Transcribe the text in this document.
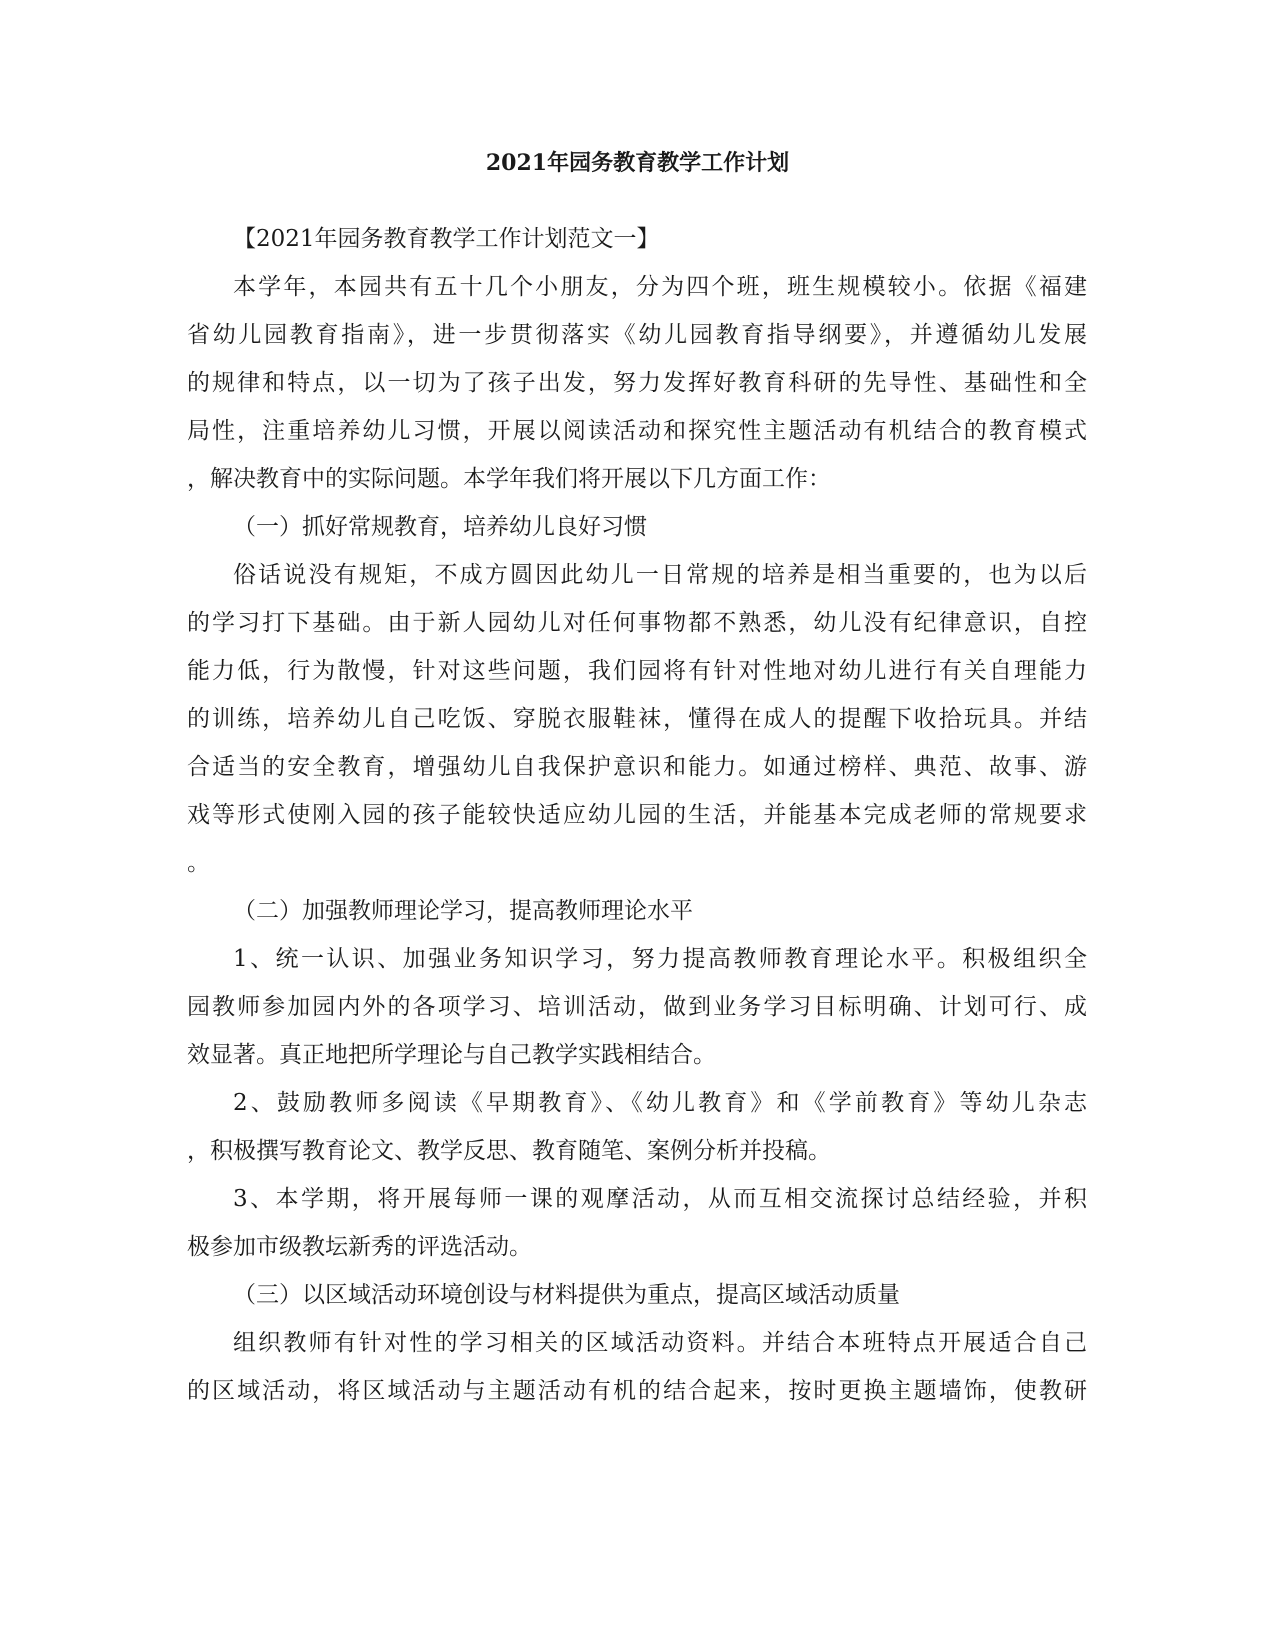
2021年园务教育教学工作计划
【2021年园务教育教学工作计划范文一】
本学年，本园共有五十几个小朋友，分为四个班，班生规模较小。依据《福建
省幼儿园教育指南》，进一步贯彻落实《幼儿园教育指导纲要》，并遵循幼儿发展
的规律和特点，以一切为了孩子出发，努力发挥好教育科研的先导性、基础性和全
局性，注重培养幼儿习惯，开展以阅读活动和探究性主题活动有机结合的教育模式
，解决教育中的实际问题。本学年我们将开展以下几方面工作：
（一）抓好常规教育，培养幼儿良好习惯
俗话说没有规矩，不成方圆因此幼儿一日常规的培养是相当重要的，也为以后
的学习打下基础。由于新人园幼儿对任何事物都不熟悉，幼儿没有纪律意识，自控
能力低，行为散慢，针对这些问题，我们园将有针对性地对幼儿进行有关自理能力
的训练，培养幼儿自己吃饭、穿脱衣服鞋袜，懂得在成人的提醒下收拾玩具。并结
合适当的安全教育，增强幼儿自我保护意识和能力。如通过榜样、典范、故事、游
戏等形式使刚入园的孩子能较快适应幼儿园的生活，并能基本完成老师的常规要求
。
（二）加强教师理论学习，提高教师理论水平
1、统一认识、加强业务知识学习，努力提高教师教育理论水平。积极组织全
园教师参加园内外的各项学习、培训活动，做到业务学习目标明确、计划可行、成
效显著。真正地把所学理论与自己教学实践相结合。
2、鼓励教师多阅读《早期教育》、《幼儿教育》和《学前教育》等幼儿杂志
，积极撰写教育论文、教学反思、教育随笔、案例分析并投稿。
3、本学期，将开展每师一课的观摩活动，从而互相交流探讨总结经验，并积
极参加市级教坛新秀的评选活动。
（三）以区域活动环境创设与材料提供为重点，提高区域活动质量
组织教师有针对性的学习相关的区域活动资料。并结合本班特点开展适合自己
的区域活动，将区域活动与主题活动有机的结合起来，按时更换主题墙饰，使教研
